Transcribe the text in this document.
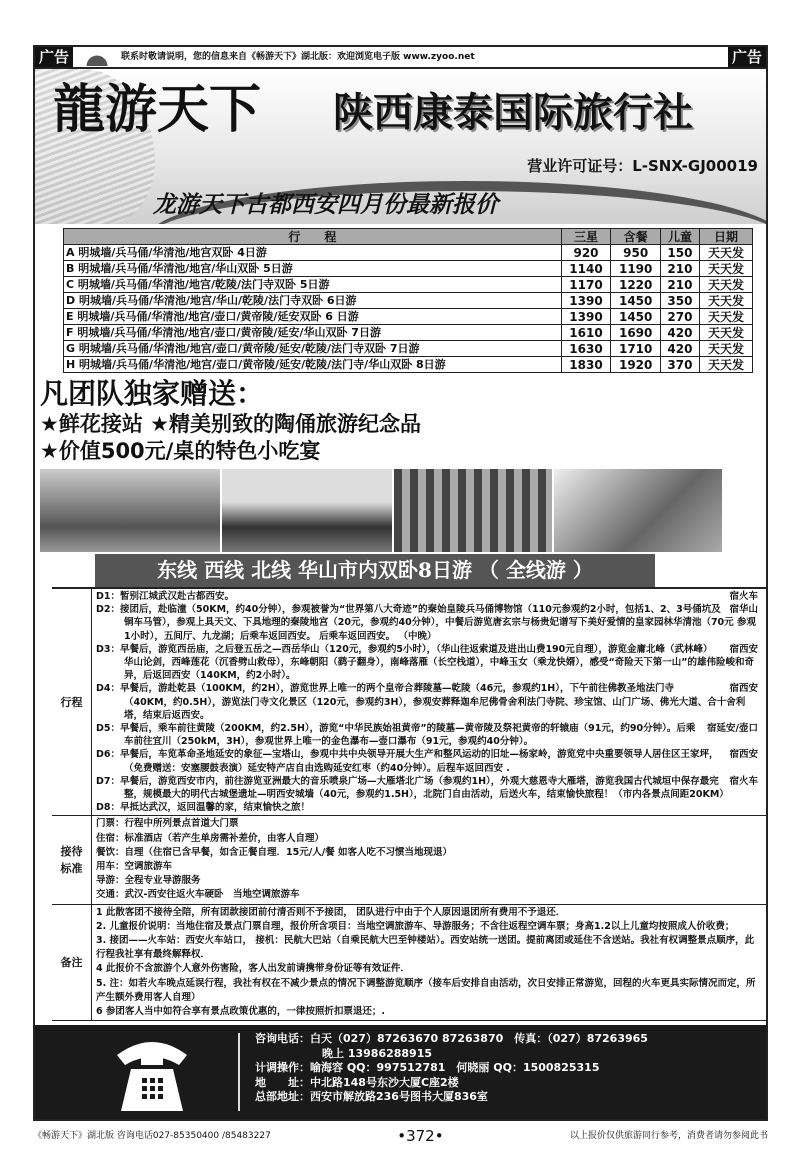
广告	联系时敬请说明，您的信息来自《畅游天下》湖北版：欢迎浏览电子版 www.zyoo.net	广告
龍游天下 陕西康泰国际旅行社
营业许可证号：L-SNX-GJ00019
龙游天下古都西安四月份最新报价
行　　程	三星	含餐	儿童	日期
A 明城墙/兵马俑/华清池/地宫双卧 4日游	920	950	150	天天发
B 明城墙/兵马俑/华清池/地宫/华山双卧 5日游	1140	1190	210	天天发
C 明城墙/兵马俑/华清池/地宫/乾陵/法门寺双卧 5日游	1170	1220	210	天天发
D 明城墙/兵马俑/华清池/地宫/华山/乾陵/法门寺双卧 6日游	1390	1450	350	天天发
E 明城墙/兵马俑/华清池/地宫/壶口/黄帝陵/延安双卧 6 日游	1390	1450	270	天天发
F 明城墙/兵马俑/华清池/地宫/壶口/黄帝陵/延安/华山双卧 7日游	1610	1690	420	天天发
G 明城墙/兵马俑/华清池/地宫/壶口/黄帝陵/延安/乾陵/法门寺双卧 7日游	1630	1710	420	天天发
H 明城墙/兵马俑/华清池/地宫/壶口/黄帝陵/延安/乾陵/法门寺/华山双卧 8日游	1830	1920	370	天天发
凡团队独家赠送：

★鲜花接站 ★精美别致的陶俑旅游纪念品

★价值500元/桌的特色小吃宴

东线 西线 北线 华山市内双卧8日游 （ 全线游 ）
行程
宿火车
D1：暂别江城武汉赴古都西安。
宿华山
D2：接团后，赴临潼（50KM，约40分钟），参观被誉为“世界第八大奇迹”的秦始皇陵兵马俑博物馆（110元参观约2小时，包括1、2、3号俑坑及铜车马管），参观上具天文、下具地理的秦陵地宫（20元，参观约40分钟），中餐后游览唐玄宗与杨贵妃谱写下美好爱情的皇家园林华清池（70元 参观1小时），五间厅、九龙湖；后乘车返回西安。 后乘车返回西安。 （中晚）
宿西安
D3：早餐后，游览西岳庙，之后登五岳之—西岳华山（120元，参观约5小时），（华山往返索道及进出山费190元自理），游览金庸北峰（武林峰）华山论剑，西峰莲花（沉香劈山救母），东峰朝阳（鹞子翻身），南峰落雁（长空栈道），中峰玉女（乘龙快婿），感受“奇险天下第一山”的雄伟险峻和奇异，后返回西安（140KM，约2小时）。
宿西安
D4：早餐后，游赴乾县（100KM，约2H），游览世界上唯一的两个皇帝合葬陵墓—乾陵（46元，参观约1H），下午前往佛教圣地法门寺（40KM，约0.5H），游览法门寺文化景区（120元，参观约3H），参观安葬释迦牟尼佛骨舍利法门寺院、珍宝馆、山门广场、佛光大道、合十舍利塔，结束后返西安。
宿延安/壶口
D5：早餐后，乘车前往黄陵（200KM，约2.5H），游览“中华民族始祖黄帝”的陵墓—黄帝陵及祭祀黄帝的轩辕庙（91元，约90分钟）。后乘车前往宜川（250kM，3H），参观世界上唯一的金色瀑布—壶口瀑布（91元，参观约40分钟）。
宿西安
D6：早餐后，车览革命圣地延安的象征—宝塔山，参观中共中央领导开展大生产和整风运动的旧址—杨家岭，游览党中央重要领导人居住区王家坪，（免费赠送：安塞腰鼓表演）延安特产店自由选购延安红枣（约40分钟）。后程车返回西安 .
宿火车
D7：早餐后，游览西安市内，前往游览亚洲最大的音乐喷泉广场—大雁塔北广场（参观约1H），外观大慈恩寺大雁塔，游览我国古代城垣中保存最完整，规模最大的明代古城堡遗址—明西安城墙（40元，参观约1.5H），北院门自由活动，后送火车，结束愉快旅程！（市内各景点间距20KM）
D8：早抵达武汉，返回温馨的家，结束愉快之旅！
接待标准
门票：行程中所列景点首道大门票
住宿：标准酒店（若产生单房需补差价，由客人自理）
餐饮：自理（住宿已含早餐，如含正餐自理．15元/人/餐 如客人吃不习惯当地现退）
用车：空调旅游车
导游：全程专业导游服务
交通：武汉-西安往返火车硬卧　当地空调旅游车
备注
1 此散客团不接待全陪，所有团款接团前付清否则不予接团， 团队进行中由于个人原因退团所有费用不予退还．
2. 儿童报价说明：当地住宿及景点门票自理，报价所含项目：当地空调旅游车、导游服务；不含往返程空调车票；身高1.2以上儿童均按照成人价收费；
3. 接团——火车站：西安火车站口， 接机：民航大巴站（自乘民航大巴至钟楼站）。西安站统一送团。提前离团或延住不含送站。我社有权调整景点顺序，此行程我社享有最终解释权．
4 此报价不含旅游个人意外伤害险，客人出发前请携带身份证等有效证件．
5. 注：如若火车晚点延误行程，我社有权在不减少景点的情况下调整游览顺序（接车后安排自由活动，次日安排正常游览，回程的火车更具实际情况而定，所产生额外费用客人自理）
6 参团客人当中如符合享有景点政策优惠的，一律按照折扣票退还；.
咨询电话：白天（027）87263670 87263870　传真：（027）87263965
晚上 13986288915
计调操作：喻海容 QQ：997512781　何晓丽 QQ：1500825315
地　　址：中北路148号东沙大厦C座2楼
总部地址：西安市解放路236号图书大厦836室
《畅游天下》湖北版 咨询电话027-85350400 /85483227	•372•	以上报价仅供旅游同行参考，消费者请勿参阅此书
